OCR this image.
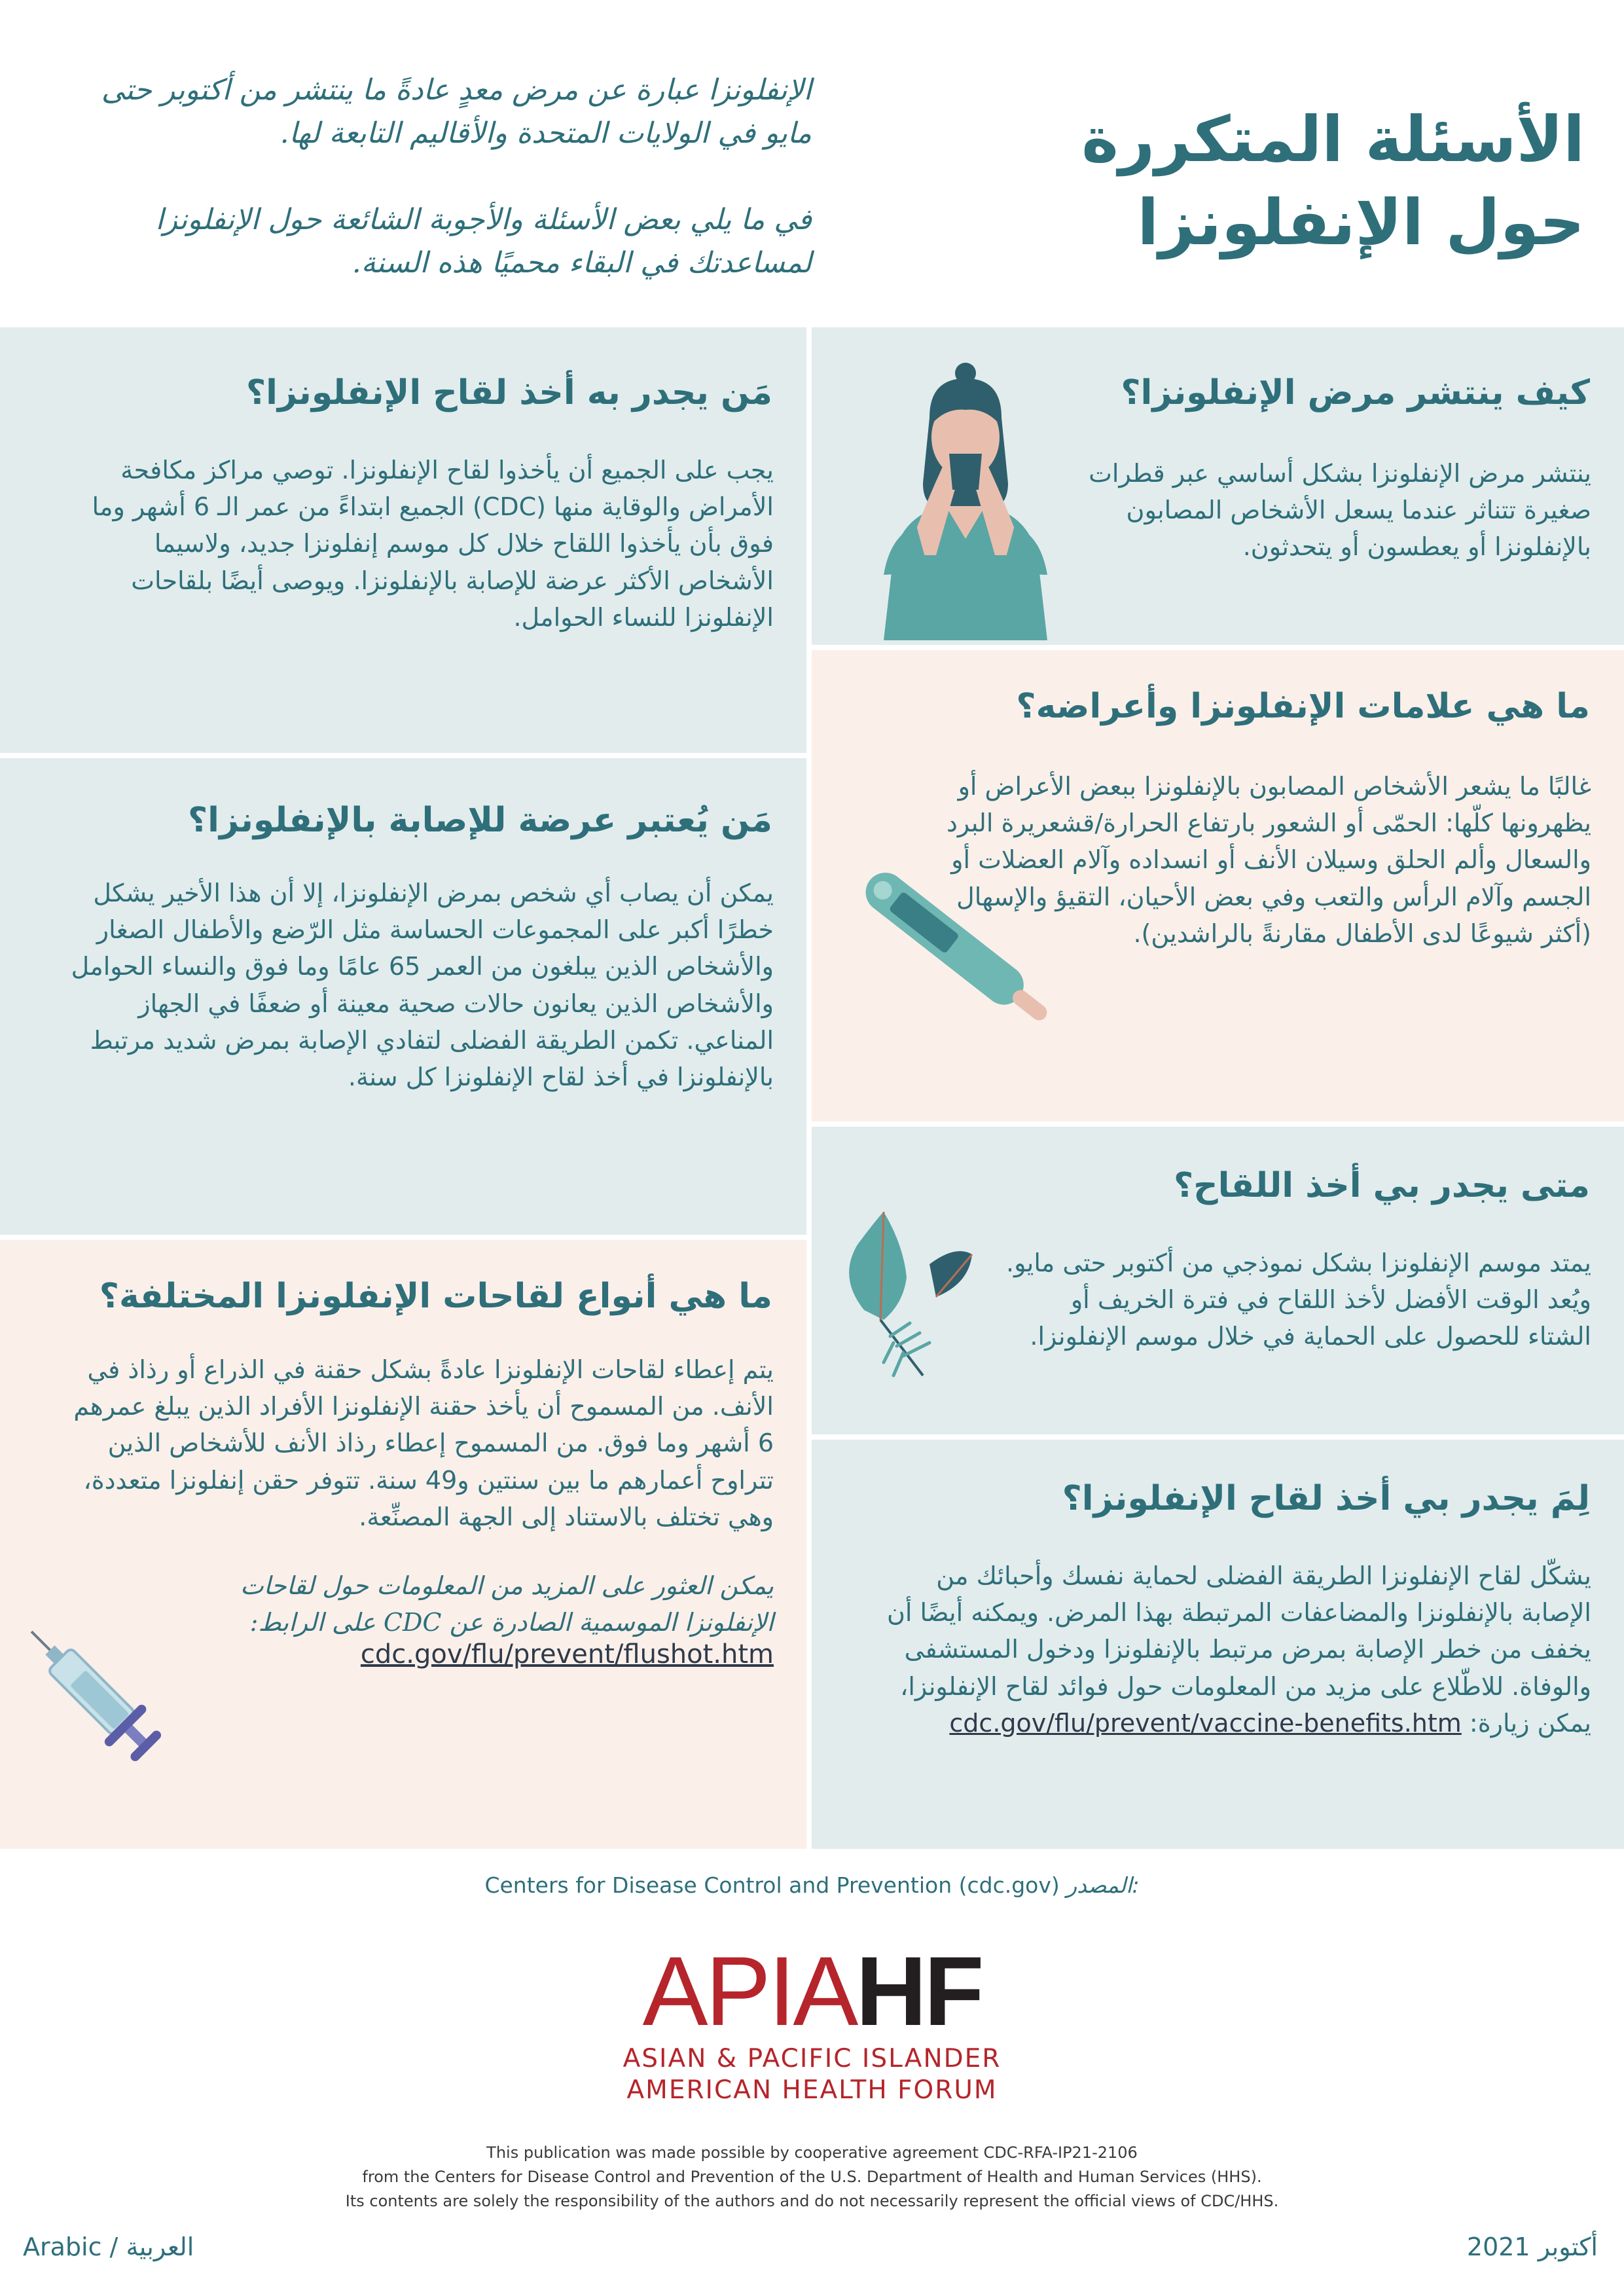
الأسئلة المتكررة
حول الإنفلونزا

الإنفلونزا عبارة عن مرض معدٍ عادةً ما ينتشر من أكتوبر حتى مايو في الولايات المتحدة والأقاليم التابعة لها.

في ما يلي بعض الأسئلة والأجوبة الشائعة حول الإنفلونزا لمساعدتك في البقاء محميًا هذه السنة.

كيف ينتشر مرض الإنفلونزا؟
ينتشر مرض الإنفلونزا بشكل أساسي عبر قطرات صغيرة تتناثر عندما يسعل الأشخاص المصابون بالإنفلونزا أو يعطسون أو يتحدثون.
ما هي علامات الإنفلونزا وأعراضه؟
غالبًا ما يشعر الأشخاص المصابون بالإنفلونزا ببعض الأعراض أو يظهرونها كلّها: الحمّى أو الشعور بارتفاع الحرارة/قشعريرة البرد والسعال وألم الحلق وسيلان الأنف أو انسداده وآلام العضلات أو الجسم وآلام الرأس والتعب وفي بعض الأحيان، التقيؤ والإسهال (أكثر شيوعًا لدى الأطفال مقارنةً بالراشدين).
متى يجدر بي أخذ اللقاح؟
يمتد موسم الإنفلونزا بشكل نموذجي من أكتوبر حتى مايو. ويُعد الوقت الأفضل لأخذ اللقاح في فترة الخريف أو الشتاء للحصول على الحماية في خلال موسم الإنفلونزا.
لِمَ يجدر بي أخذ لقاح الإنفلونزا؟
يشكّل لقاح الإنفلونزا الطريقة الفضلى لحماية نفسك وأحبائك من الإصابة بالإنفلونزا والمضاعفات المرتبطة بهذا المرض. ويمكنه أيضًا أن يخفف من خطر الإصابة بمرض مرتبط بالإنفلونزا ودخول المستشفى والوفاة. للاطّلاع على مزيد من المعلومات حول فوائد لقاح الإنفلونزا، يمكن زيارة: cdc.gov/flu/prevent/vaccine-benefits.htm
مَن يجدر به أخذ لقاح الإنفلونزا؟
يجب على الجميع أن يأخذوا لقاح الإنفلونزا. توصي مراكز مكافحة الأمراض والوقاية منها (CDC) الجميع ابتداءً من عمر الـ 6 أشهر وما فوق بأن يأخذوا اللقاح خلال كل موسم إنفلونزا جديد، ولاسيما الأشخاص الأكثر عرضة للإصابة بالإنفلونزا. ويوصى أيضًا بلقاحات الإنفلونزا للنساء الحوامل.
مَن يُعتبر عرضة للإصابة بالإنفلونزا؟
يمكن أن يصاب أي شخص بمرض الإنفلونزا، إلا أن هذا الأخير يشكل خطرًا أكبر على المجموعات الحساسة مثل الرّضع والأطفال الصغار والأشخاص الذين يبلغون من العمر 65 عامًا وما فوق والنساء الحوامل والأشخاص الذين يعانون حالات صحية معينة أو ضعفًا في الجهاز المناعي. تكمن الطريقة الفضلى لتفادي الإصابة بمرض شديد مرتبط بالإنفلونزا في أخذ لقاح الإنفلونزا كل سنة.
ما هي أنواع لقاحات الإنفلونزا المختلفة؟
يتم إعطاء لقاحات الإنفلونزا عادةً بشكل حقنة في الذراع أو رذاذ في الأنف. من المسموح أن يأخذ حقنة الإنفلونزا الأفراد الذين يبلغ عمرهم 6 أشهر وما فوق. من المسموح إعطاء رذاذ الأنف للأشخاص الذين تتراوح أعمارهم ما بين سنتين و49 سنة. تتوفر حقن إنفلونزا متعددة، وهي تختلف بالاستناد إلى الجهة المصنِّعة.
يمكن العثور على المزيد من المعلومات حول لقاحات الإنفلونزا الموسمية الصادرة عن CDC على الرابط:
cdc.gov/flu/prevent/flushot.htm
Centers for Disease Control and Prevention (cdc.gov) المصدر:
APIAHF
ASIAN & PACIFIC ISLANDER
AMERICAN HEALTH FORUM
This publication was made possible by cooperative agreement CDC-RFA-IP21-2106
from the Centers for Disease Control and Prevention of the U.S. Department of Health and Human Services (HHS).
Its contents are solely the responsibility of the authors and do not necessarily represent the official views of CDC/HHS.
Arabic / العربية	أكتوبر 2021
